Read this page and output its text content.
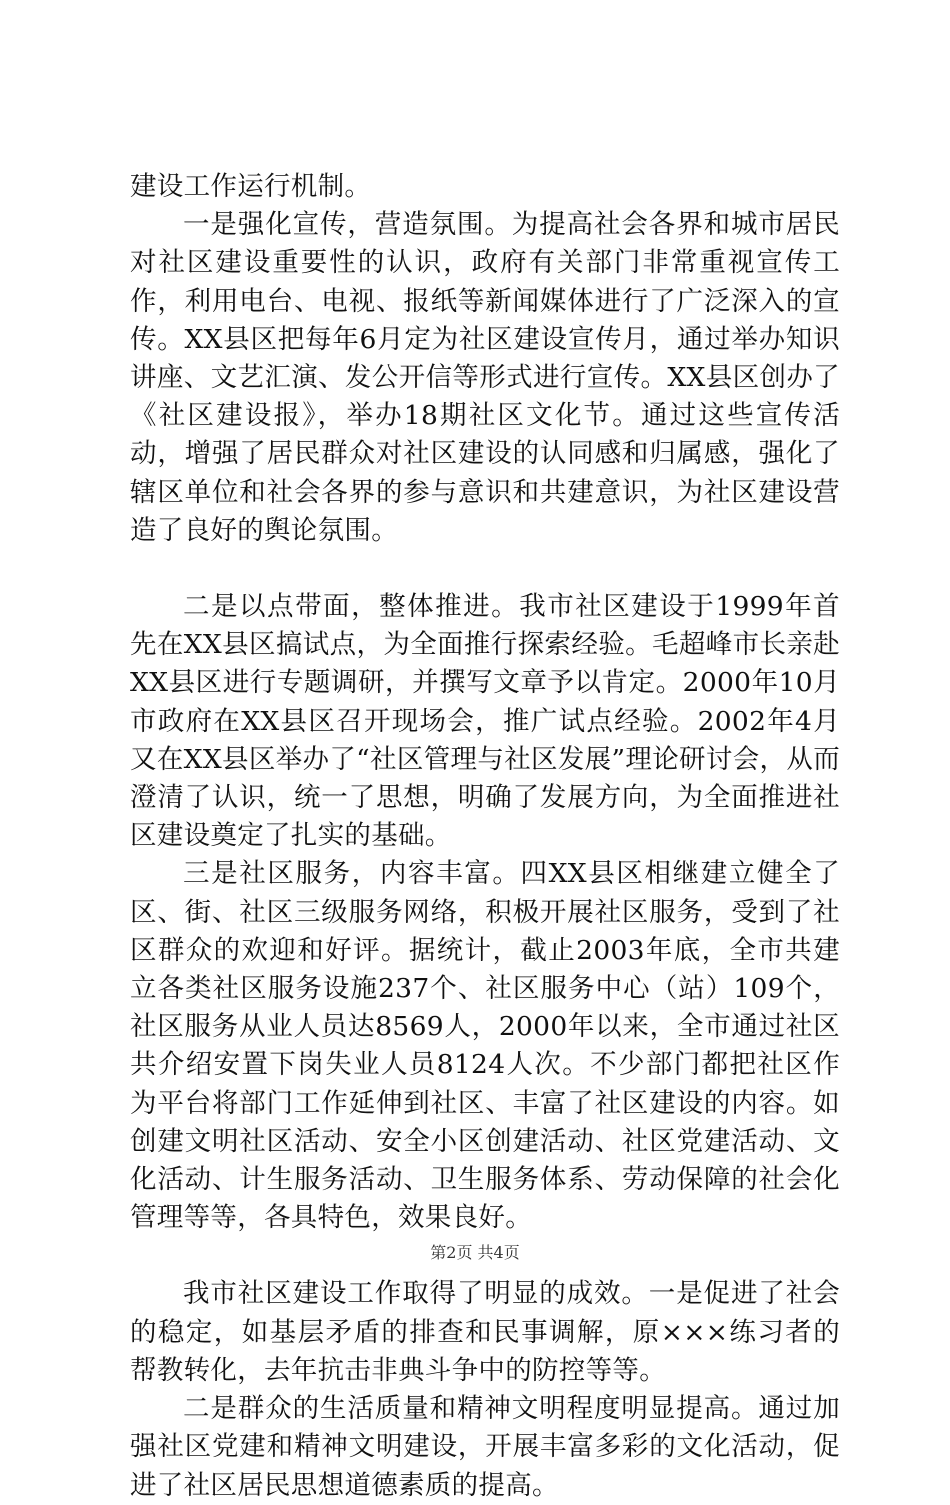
建设工作运行机制。

一是强化宣传，营造氛围。为提高社会各界和城市居民对社区建设重要性的认识，政府有关部门非常重视宣传工作，利用电台、电视、报纸等新闻媒体进行了广泛深入的宣传。XX县区把每年6月定为社区建设宣传月，通过举办知识讲座、文艺汇演、发公开信等形式进行宣传。XX县区创办了《社区建设报》，举办18期社区文化节。通过这些宣传活动，增强了居民群众对社区建设的认同感和归属感，强化了辖区单位和社会各界的参与意识和共建意识，为社区建设营造了良好的舆论氛围。

二是以点带面，整体推进。我市社区建设于1999年首先在XX县区搞试点，为全面推行探索经验。毛超峰市长亲赴XX县区进行专题调研，并撰写文章予以肯定。2000年10月市政府在XX县区召开现场会，推广试点经验。2002年4月又在XX县区举办了“社区管理与社区发展”理论研讨会，从而澄清了认识，统一了思想，明确了发展方向，为全面推进社区建设奠定了扎实的基础。

三是社区服务，内容丰富。四XX县区相继建立健全了区、街、社区三级服务网络，积极开展社区服务，受到了社区群众的欢迎和好评。据统计，截止2003年底，全市共建立各类社区服务设施237个、社区服务中心（站）109个，社区服务从业人员达8569人，2000年以来，全市通过社区共介绍安置下岗失业人员8124人次。不少部门都把社区作为平台将部门工作延伸到社区、丰富了社区建设的内容。如创建文明社区活动、安全小区创建活动、社区党建活动、文化活动、计生服务活动、卫生服务体系、劳动保障的社会化管理等等，各具特色，效果良好。

我市社区建设工作取得了明显的成效。一是促进了社会的稳定，如基层矛盾的排查和民事调解，原×××练习者的帮教转化，去年抗击非典斗争中的防控等等。

二是群众的生活质量和精神文明程度明显提高。通过加强社区党建和精神文明建设，开展丰富多彩的文化活动，促进了社区居民思想道德素质的提高。

第2页 共4页
